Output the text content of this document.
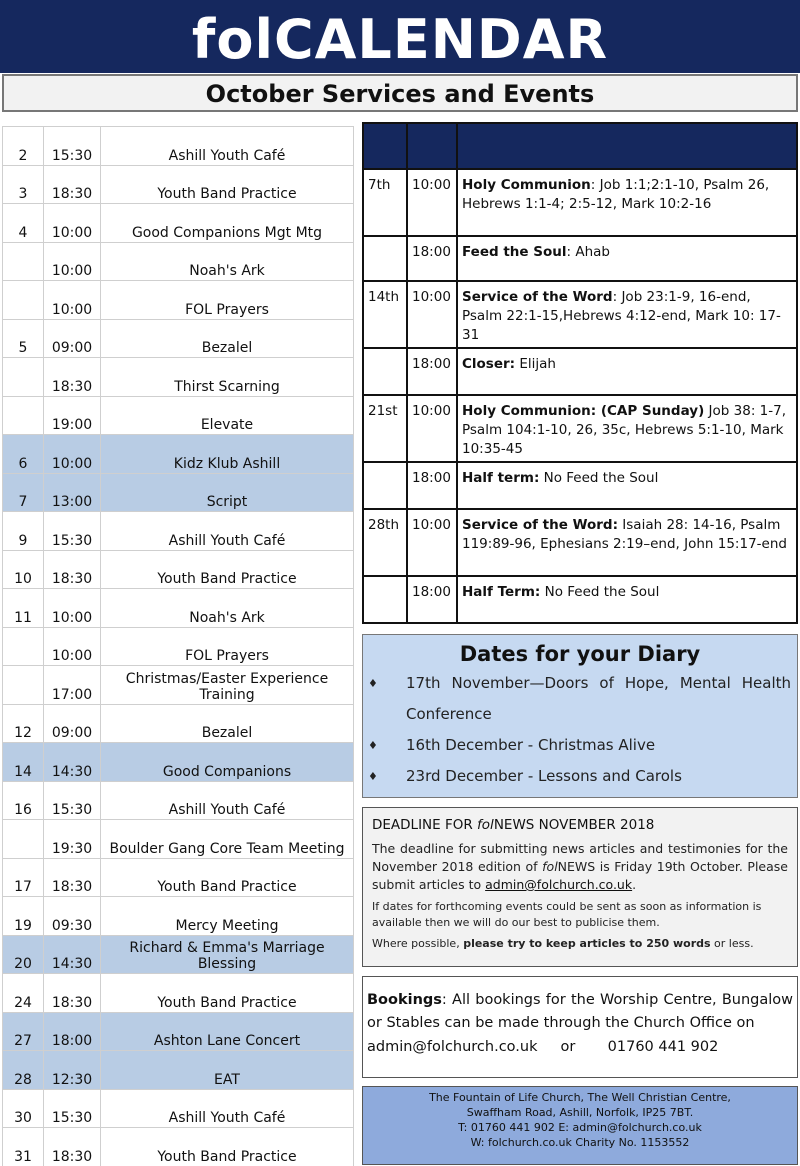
folCALENDAR
October Services and Events
2	15:30	Ashill Youth Café
3	18:30	Youth Band Practice
4	10:00	Good Companions Mgt Mtg
	10:00	Noah's Ark
	10:00	FOL Prayers
5	09:00	Bezalel
	18:30	Thirst Scarning
	19:00	Elevate
6	10:00	Kidz Klub Ashill
7	13:00	Script
9	15:30	Ashill Youth Café
10	18:30	Youth Band Practice
11	10:00	Noah's Ark
	10:00	FOL Prayers
	17:00	Christmas/Easter Experience Training
12	09:00	Bezalel
14	14:30	Good Companions
16	15:30	Ashill Youth Café
	19:30	Boulder Gang Core Team Meeting
17	18:30	Youth Band Practice
19	09:30	Mercy Meeting
20	14:30	Richard & Emma's Marriage Blessing
24	18:30	Youth Band Practice
27	18:00	Ashton Lane Concert
28	12:30	EAT
30	15:30	Ashill Youth Café
31	18:30	Youth Band Practice

7th	10:00	Holy Communion: Job 1:1;2:1-10, Psalm 26, Hebrews 1:1-4; 2:5-12, Mark 10:2-16
	18:00	Feed the Soul: Ahab
14th	10:00	Service of the Word: Job 23:1-9, 16-end, Psalm 22:1-15,Hebrews 4:12-end, Mark 10: 17-31
	18:00	Closer: Elijah
21st	10:00	Holy Communion: (CAP Sunday) Job 38: 1-7, Psalm 104:1-10, 26, 35c, Hebrews 5:1-10, Mark 10:35-45
	18:00	Half term: No Feed the Soul
28th	10:00	Service of the Word: Isaiah 28: 14-16, Psalm 119:89-96, Ephesians 2:19–end, John 15:17-end
	18:00	Half Term: No Feed the Soul
Dates for your Diary
♦ 17th November—Doors of Hope, Mental Health Conference
♦ 16th December - Christmas Alive
♦ 23rd December - Lessons and Carols
DEADLINE FOR folNEWS NOVEMBER 2018

The deadline for submitting news articles and testimonies for the November 2018 edition of folNEWS is Friday 19th October. Please submit articles to admin@folchurch.co.uk.

If dates for forthcoming events could be sent as soon as information is available then we will do our best to publicise them.

Where possible, please try to keep articles to 250 words or less.

Bookings: All bookings for the Worship Centre, Bungalow or Stables can be made through the Church Office on
admin@folchurch.co.uk or 01760 441 902
The Fountain of Life Church, The Well Christian Centre,
Swaffham Road, Ashill, Norfolk, IP25 7BT.
T: 01760 441 902 E: admin@folchurch.co.uk
W: folchurch.co.uk Charity No. 1153552
